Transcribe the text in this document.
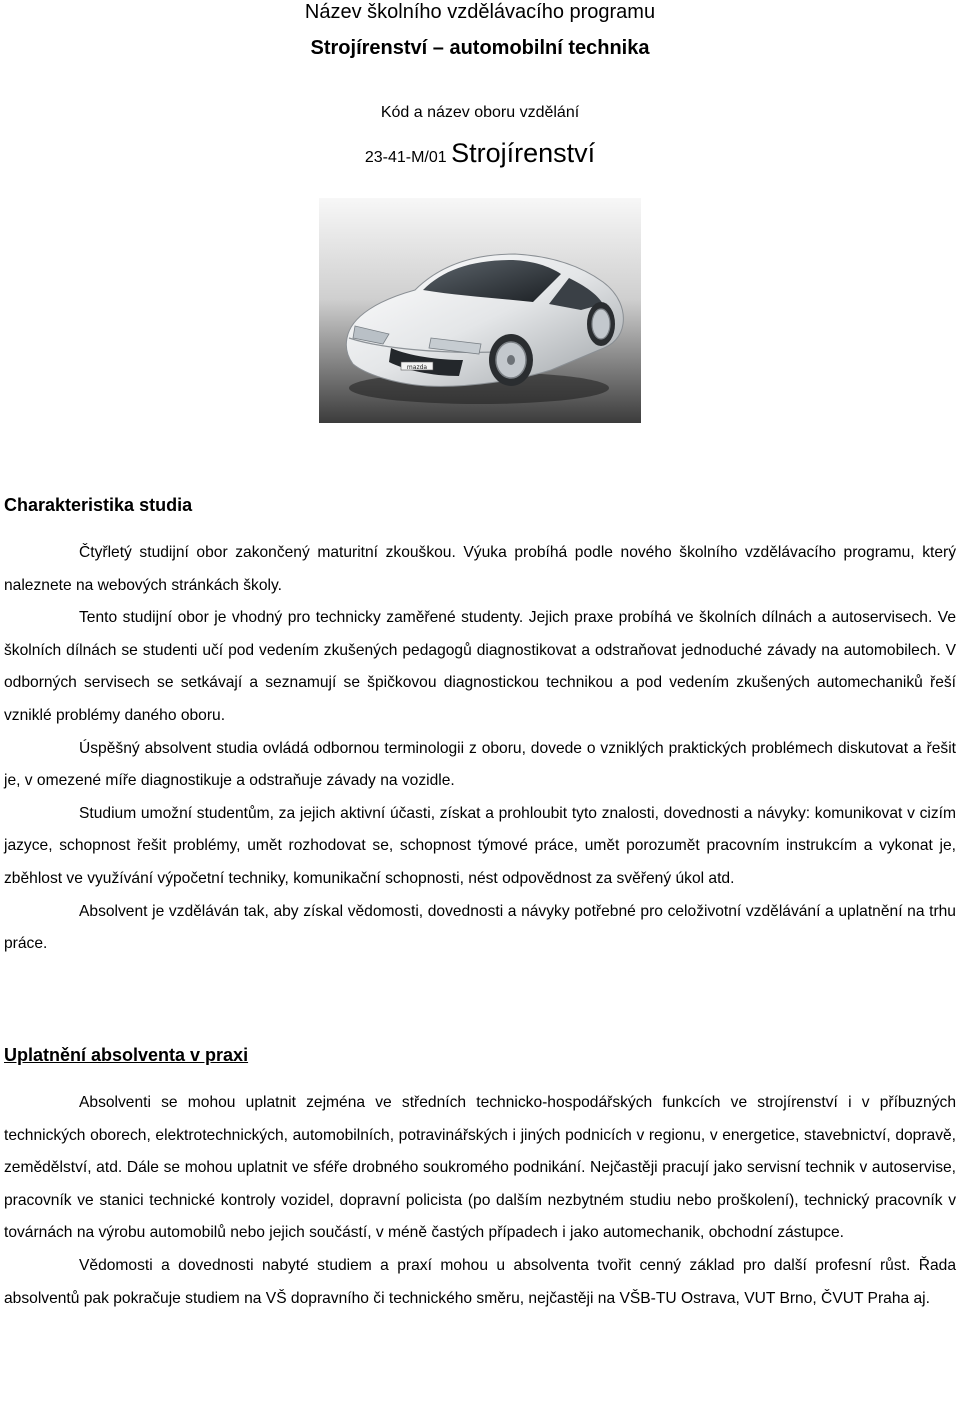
Název školního vzdělávacího programu
Strojírenství – automobilní technika
Kód a název oboru vzdělání
23-41-M/01 Strojírenství
mazda
Charakteristika studia

Čtyřletý studijní obor zakončený maturitní zkouškou. Výuka probíhá podle nového školního vzdělávacího programu, který naleznete na webových stránkách školy.

Tento studijní obor je vhodný pro technicky zaměřené studenty. Jejich praxe probíhá ve školních dílnách a autoservisech. Ve školních dílnách se studenti učí pod vedením zkušených pedagogů diagnostikovat a odstraňovat jednoduché závady na automobilech. V odborných servisech se setkávají a seznamují se špičkovou diagnostickou technikou a pod vedením zkušených automechaniků řeší vzniklé problémy daného oboru.

Úspěšný absolvent studia ovládá odbornou terminologii z oboru, dovede o vzniklých praktických problémech diskutovat a řešit je, v omezené míře diagnostikuje a odstraňuje závady na vozidle.

Studium umožní studentům, za jejich aktivní účasti, získat a prohloubit tyto znalosti, dovednosti a návyky: komunikovat v cizím jazyce, schopnost řešit problémy, umět rozhodovat se, schopnost týmové práce, umět porozumět pracovním instrukcím a vykonat je, zběhlost ve využívání výpočetní techniky, komunikační schopnosti, nést odpovědnost za svěřený úkol atd.

Absolvent je vzděláván tak, aby získal vědomosti, dovednosti a návyky potřebné pro celoživotní vzdělávání a uplatnění na trhu práce.

Uplatnění absolventa v praxi

Absolventi se mohou uplatnit zejména ve středních technicko-hospodářských funkcích ve strojírenství i v příbuzných technických oborech, elektrotechnických, automobilních, potravinářských i jiných podnicích v regionu, v energetice, stavebnictví, dopravě, zemědělství, atd. Dále se mohou uplatnit ve sféře drobného soukromého podnikání. Nejčastěji pracují jako servisní technik v autoservise, pracovník ve stanici technické kontroly vozidel, dopravní policista (po dalším nezbytném studiu nebo proškolení), technický pracovník v továrnách na výrobu automobilů nebo jejich součástí, v méně častých případech i jako automechanik, obchodní zástupce.

Vědomosti a dovednosti nabyté studiem a praxí mohou u absolventa tvořit cenný základ pro další profesní růst. Řada absolventů pak pokračuje studiem na VŠ dopravního či technického směru, nejčastěji na VŠB-TU Ostrava, VUT Brno, ČVUT Praha aj.
